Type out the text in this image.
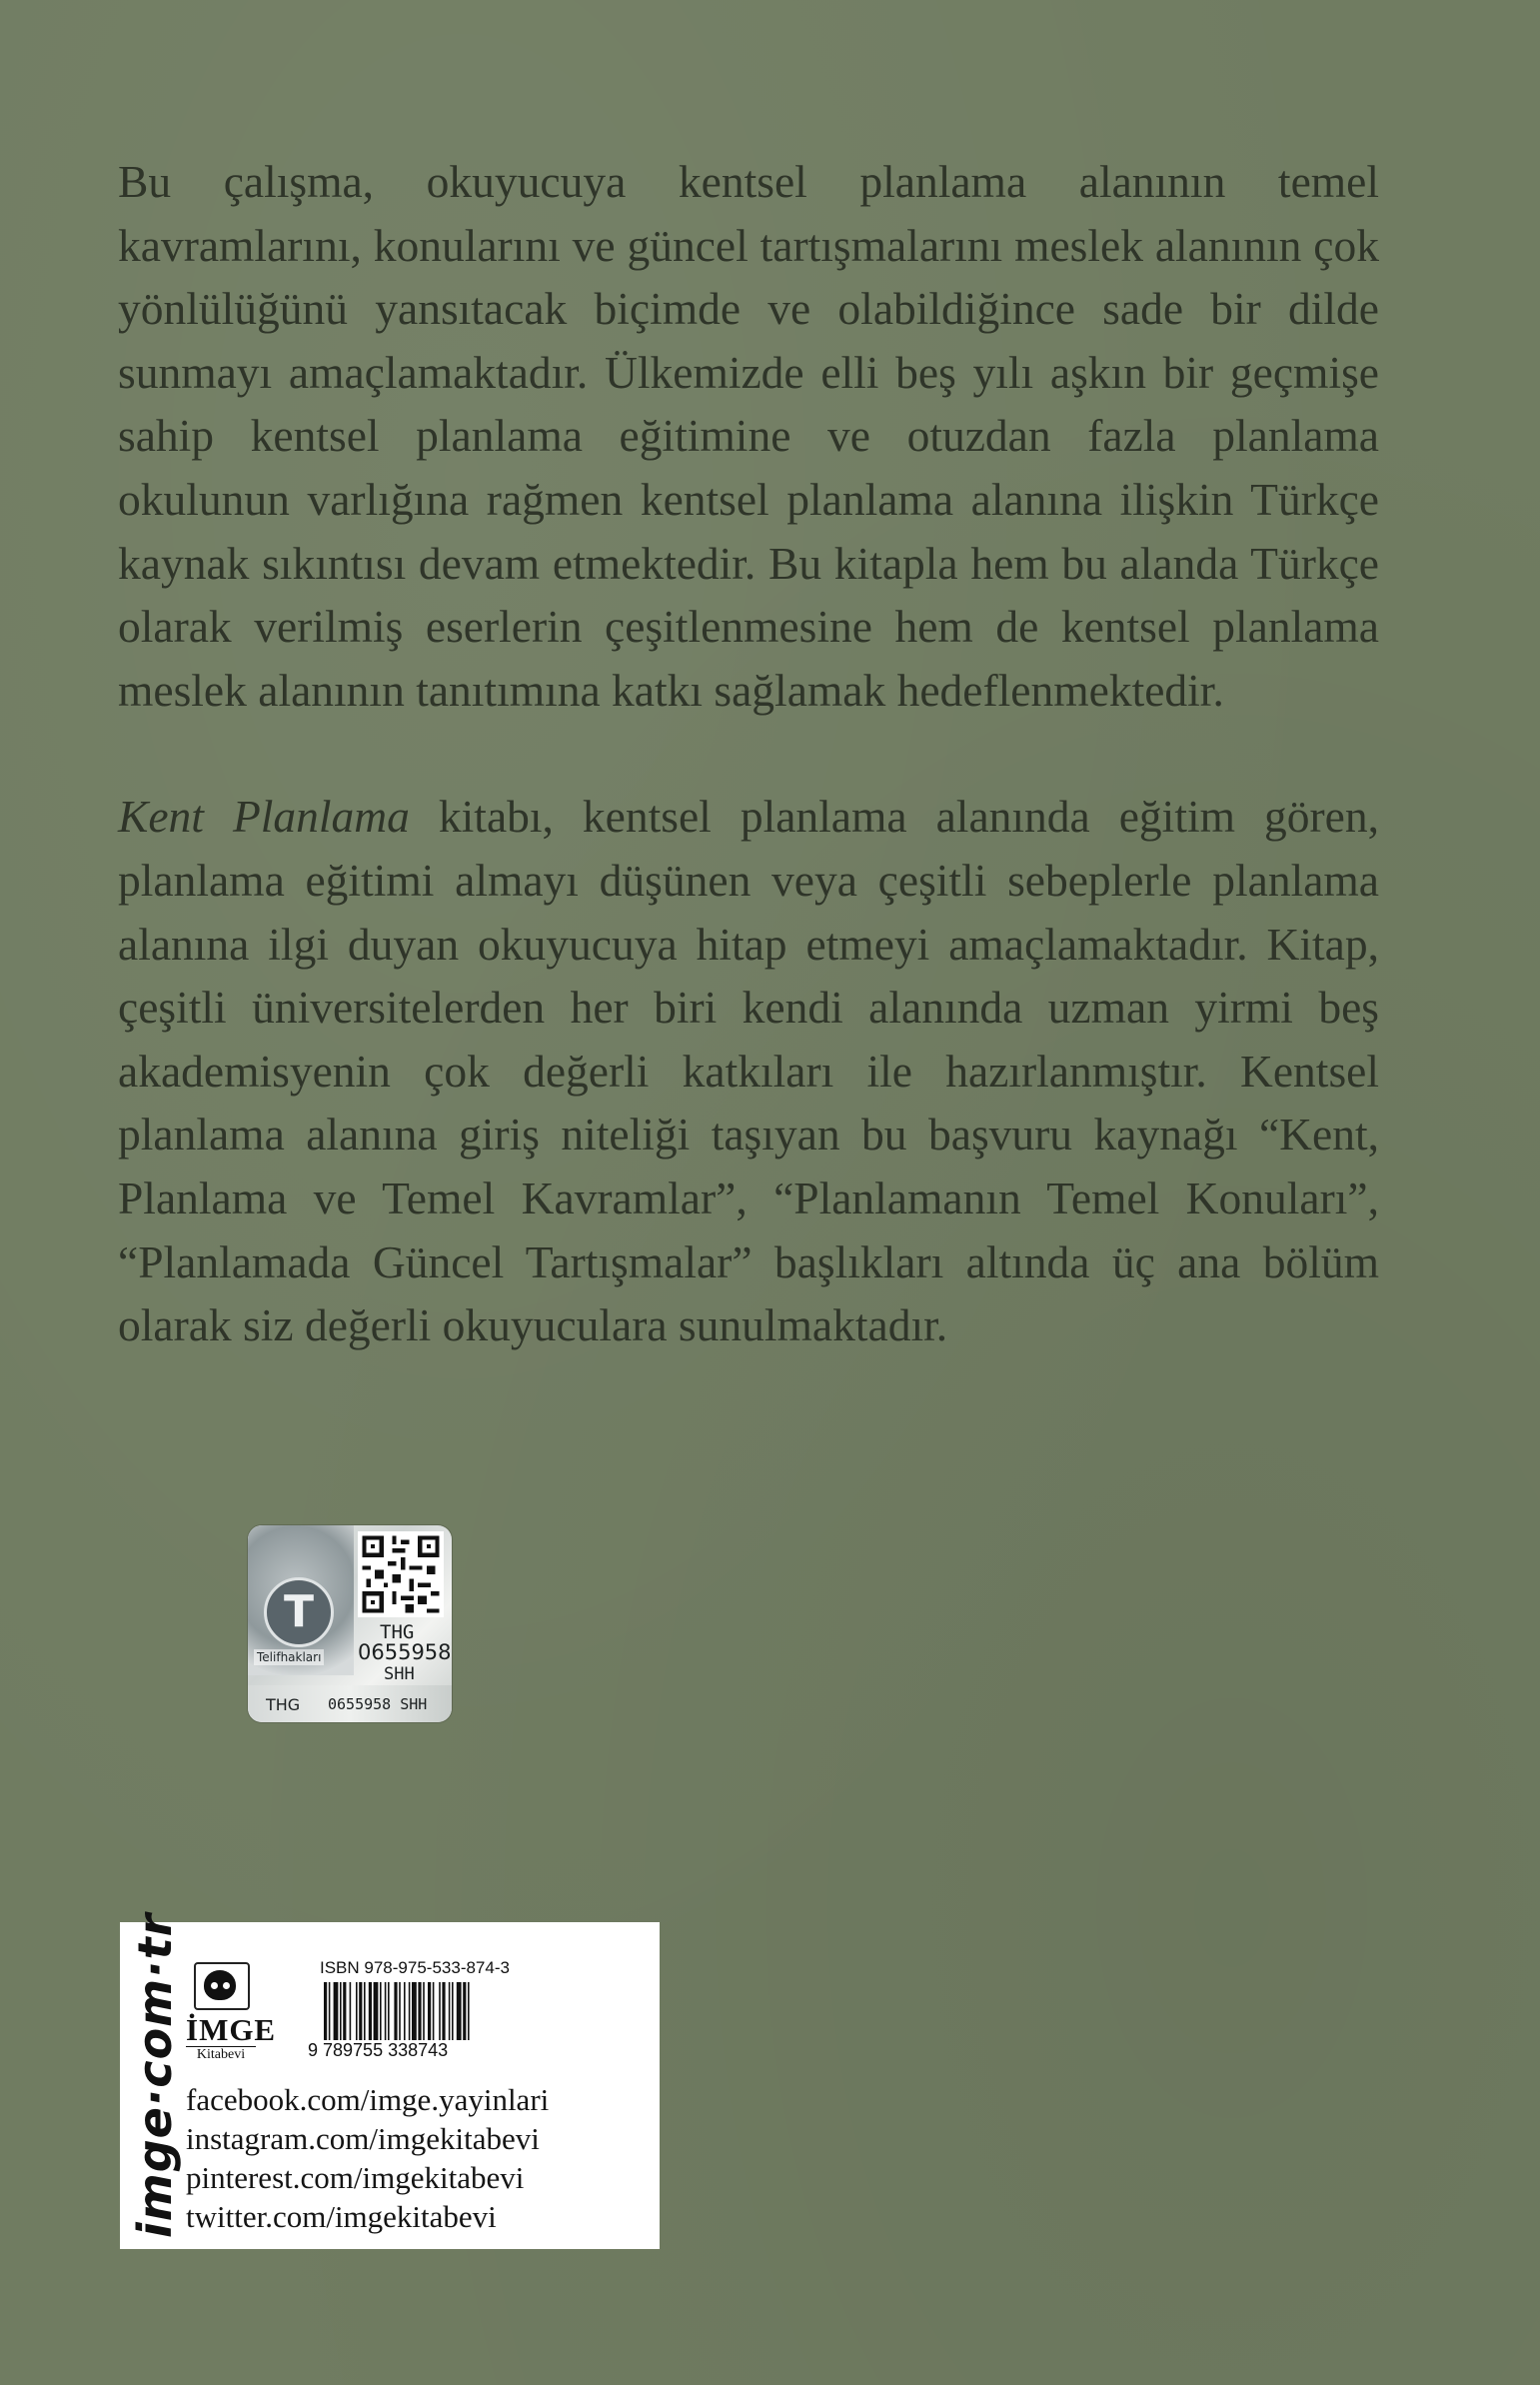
Bu çalışma, okuyucuya kentsel planlama alanının temel kavramlarını, konularını ve güncel tartışmalarını meslek alanının çok yönlülüğünü yansıtacak biçimde ve olabildiğince sade bir dilde sunmayı amaçlamaktadır. Ülkemizde elli beş yılı aşkın bir geçmişe sahip kentsel planlama eğitimine ve otuzdan fazla planlama okulunun varlığına rağmen kentsel planlama alanına ilişkin Türkçe kaynak sıkıntısı devam etmektedir. Bu kitapla hem bu alanda Türkçe olarak verilmiş eserlerin çeşitlenmesine hem de kentsel planlama meslek alanının tanıtımına katkı sağlamak hedeflenmektedir.

Kent Planlama kitabı, kentsel planlama alanında eğitim gören, planlama eğitimi almayı düşünen veya çeşitli sebeplerle planlama alanına ilgi duyan okuyucuya hitap etmeyi amaçlamaktadır. Kitap, çeşitli üniversitelerden her biri kendi alanında uzman yirmi beş akademisyenin çok değerli katkıları ile hazırlanmıştır. Kentsel planlama alanına giriş niteliği taşıyan bu başvuru kaynağı “Kent, Planlama ve Temel Kavramlar”, “Planlamanın Temel Konuları”, “Planlamada Güncel Tartışmalar” başlıkları altında üç ana bölüm olarak siz değerli okuyuculara sunulmaktadır.

T
Telifhakları
THG
0655958
SHH
THG 0655958 SHH
imge·com·tr İMGE
Kitabevi
ISBN 978-975-533-874-3
9 789755 338743
facebook.com/imge.yayinlari
instagram.com/imgekitabevi
pinterest.com/imgekitabevi
twitter.com/imgekitabevi
